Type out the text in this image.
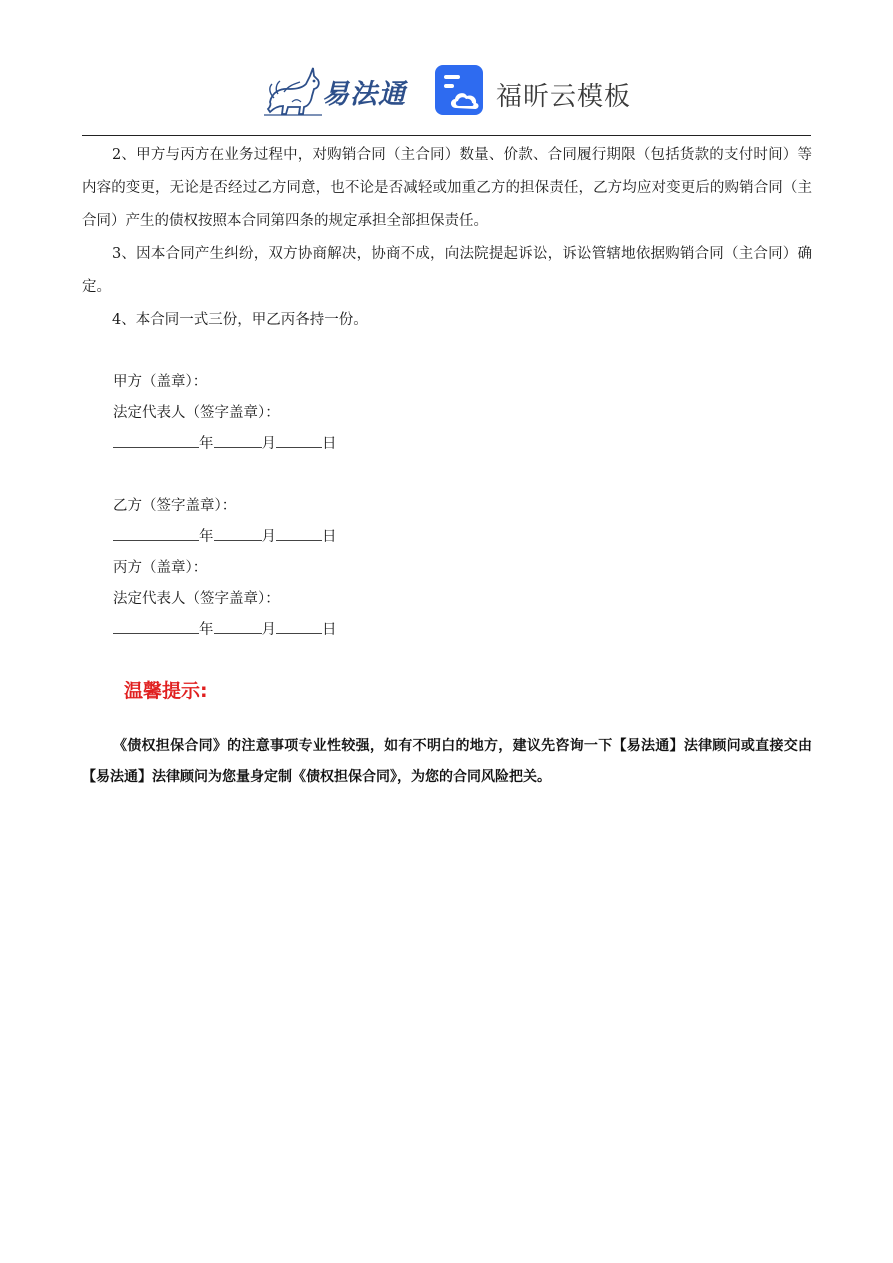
易法通	福昕云模板

2、甲方与丙方在业务过程中，对购销合同（主合同）数量、价款、合同履行期限（包括货款的支付时间）等内容的变更，无论是否经过乙方同意，也不论是否减轻或加重乙方的担保责任，乙方均应对变更后的购销合同（主合同）产生的债权按照本合同第四条的规定承担全部担保责任。

3、因本合同产生纠纷，双方协商解决，协商不成，向法院提起诉讼，诉讼管辖地依据购销合同（主合同）确定。

4、本合同一式三份，甲乙丙各持一份。

甲方（盖章）：

法定代表人（签字盖章）：

年	月	日

乙方（签字盖章）：

年	月	日

丙方（盖章）：

法定代表人（签字盖章）：

年	月	日

温馨提示:

《债权担保合同》的注意事项专业性较强，如有不明白的地方，建议先咨询一下【易法通】法律顾问或直接交由【易法通】法律顾问为您量身定制《债权担保合同》，为您的合同风险把关。
